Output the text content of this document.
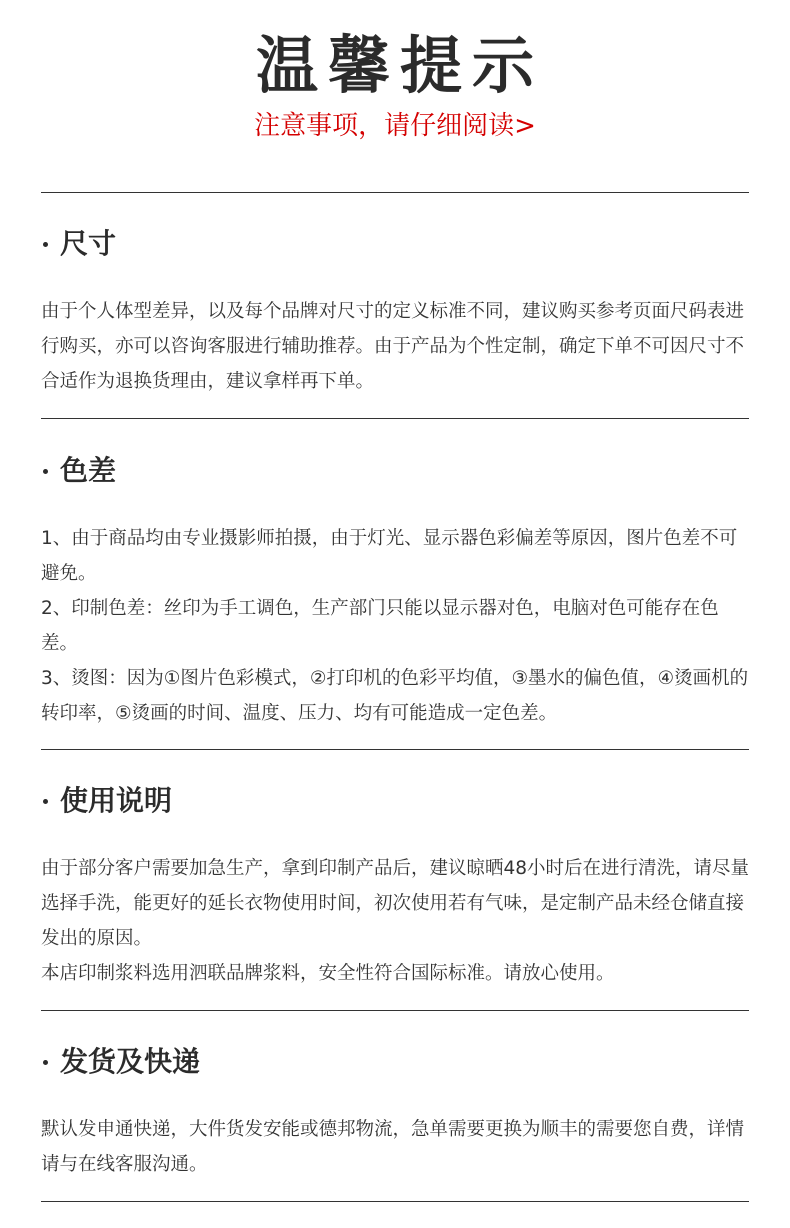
温馨提示
注意事项，请仔细阅读>
尺寸

由于个人体型差异，以及每个品牌对尺寸的定义标准不同，建议购买参考页面尺码表进行购买，亦可以咨询客服进行辅助推荐。由于产品为个性定制，确定下单不可因尺寸不合适作为退换货理由，建议拿样再下单。

色差

1、由于商品均由专业摄影师拍摄，由于灯光、显示器色彩偏差等原因，图片色差不可避免。

2、印制色差：丝印为手工调色，生产部门只能以显示器对色，电脑对色可能存在色差。

3、烫图：因为①图片色彩模式，②打印机的色彩平均值，③墨水的偏色值，④烫画机的转印率，⑤烫画的时间、温度、压力、均有可能造成一定色差。

使用说明

由于部分客户需要加急生产，拿到印制产品后，建议晾晒48小时后在进行清洗，请尽量选择手洗，能更好的延长衣物使用时间，初次使用若有气味，是定制产品未经仓储直接发出的原因。

本店印制浆料选用泗联品牌浆料，安全性符合国际标准。请放心使用。

发货及快递

默认发申通快递，大件货发安能或德邦物流，急单需要更换为顺丰的需要您自费，详情请与在线客服沟通。
